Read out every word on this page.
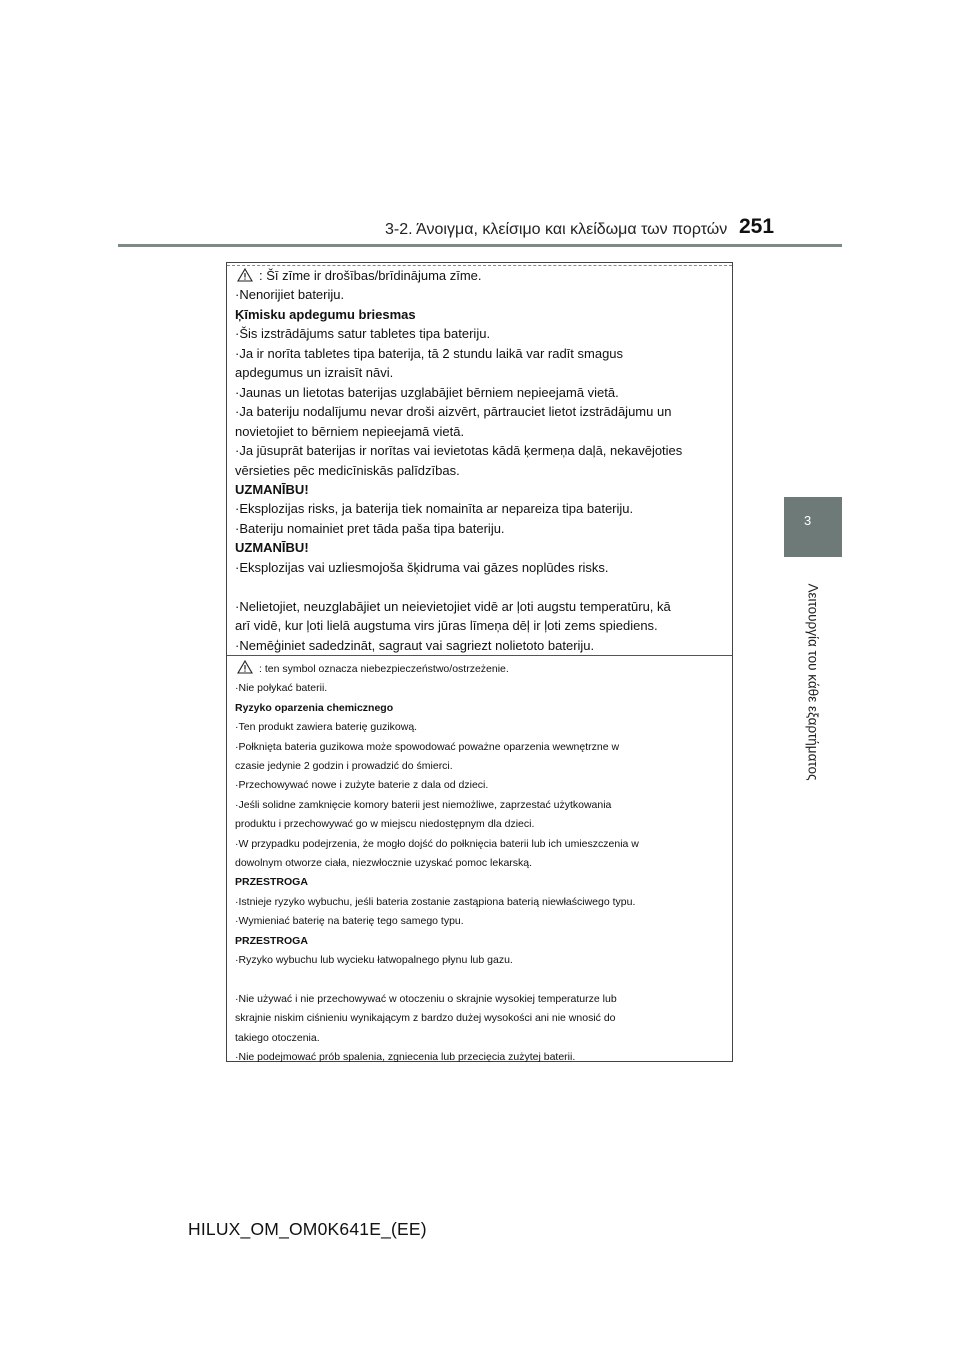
3-2. Άνοιγμα, κλείσιμο και κλείδωμα των πορτών 251
3
Λειτουργία του κάθε εξαρτήματος
: Šī zīme ir drošības/brīdinājuma zīme.
·Nenorijiet bateriju.
Ķīmisku apdegumu briesmas
·Šis izstrādājums satur tabletes tipa bateriju.
·Ja ir norīta tabletes tipa baterija, tā 2 stundu laikā var radīt smagus
apdegumus un izraisīt nāvi.
·Jaunas un lietotas baterijas uzglabājiet bērniem nepieejamā vietā.
·Ja bateriju nodalījumu nevar droši aizvērt, pārtrauciet lietot izstrādājumu un
novietojiet to bērniem nepieejamā vietā.
·Ja jūsuprāt baterijas ir norītas vai ievietotas kādā ķermeņa daļā, nekavējoties
vērsieties pēc medicīniskās palīdzības.
UZMANĪBU!
·Eksplozijas risks, ja baterija tiek nomainīta ar nepareiza tipa bateriju.
·Bateriju nomainiet pret tāda paša tipa bateriju.
UZMANĪBU!
·Eksplozijas vai uzliesmojoša šķidruma vai gāzes noplūdes risks.
·Nelietojiet, neuzglabājiet un neievietojiet vidē ar ļoti augstu temperatūru, kā
arī vidē, kur ļoti lielā augstuma virs jūras līmeņa dēļ ir ļoti zems spiediens.
·Nemēģiniet sadedzināt, sagraut vai sagriezt nolietoto bateriju.
: ten symbol oznacza niebezpieczeństwo/ostrzeżenie.
·Nie połykać baterii.
Ryzyko oparzenia chemicznego
·Ten produkt zawiera baterię guzikową.
·Połknięta bateria guzikowa może spowodować poważne oparzenia wewnętrzne w
czasie jedynie 2 godzin i prowadzić do śmierci.
·Przechowywać nowe i zużyte baterie z dala od dzieci.
·Jeśli solidne zamknięcie komory baterii jest niemożliwe, zaprzestać użytkowania
produktu i przechowywać go w miejscu niedostępnym dla dzieci.
·W przypadku podejrzenia, że mogło dojść do połknięcia baterii lub ich umieszczenia w
dowolnym otworze ciała, niezwłocznie uzyskać pomoc lekarską.
PRZESTROGA
·Istnieje ryzyko wybuchu, jeśli bateria zostanie zastąpiona baterią niewłaściwego typu.
·Wymieniać baterię na baterię tego samego typu.
PRZESTROGA
·Ryzyko wybuchu lub wycieku łatwopalnego płynu lub gazu.
·Nie używać i nie przechowywać w otoczeniu o skrajnie wysokiej temperaturze lub
skrajnie niskim ciśnieniu wynikającym z bardzo dużej wysokości ani nie wnosić do
takiego otoczenia.
·Nie podejmować prób spalenia, zgniecenia lub przecięcia zużytej baterii.
HILUX_OM_OM0K641E_(EE)
